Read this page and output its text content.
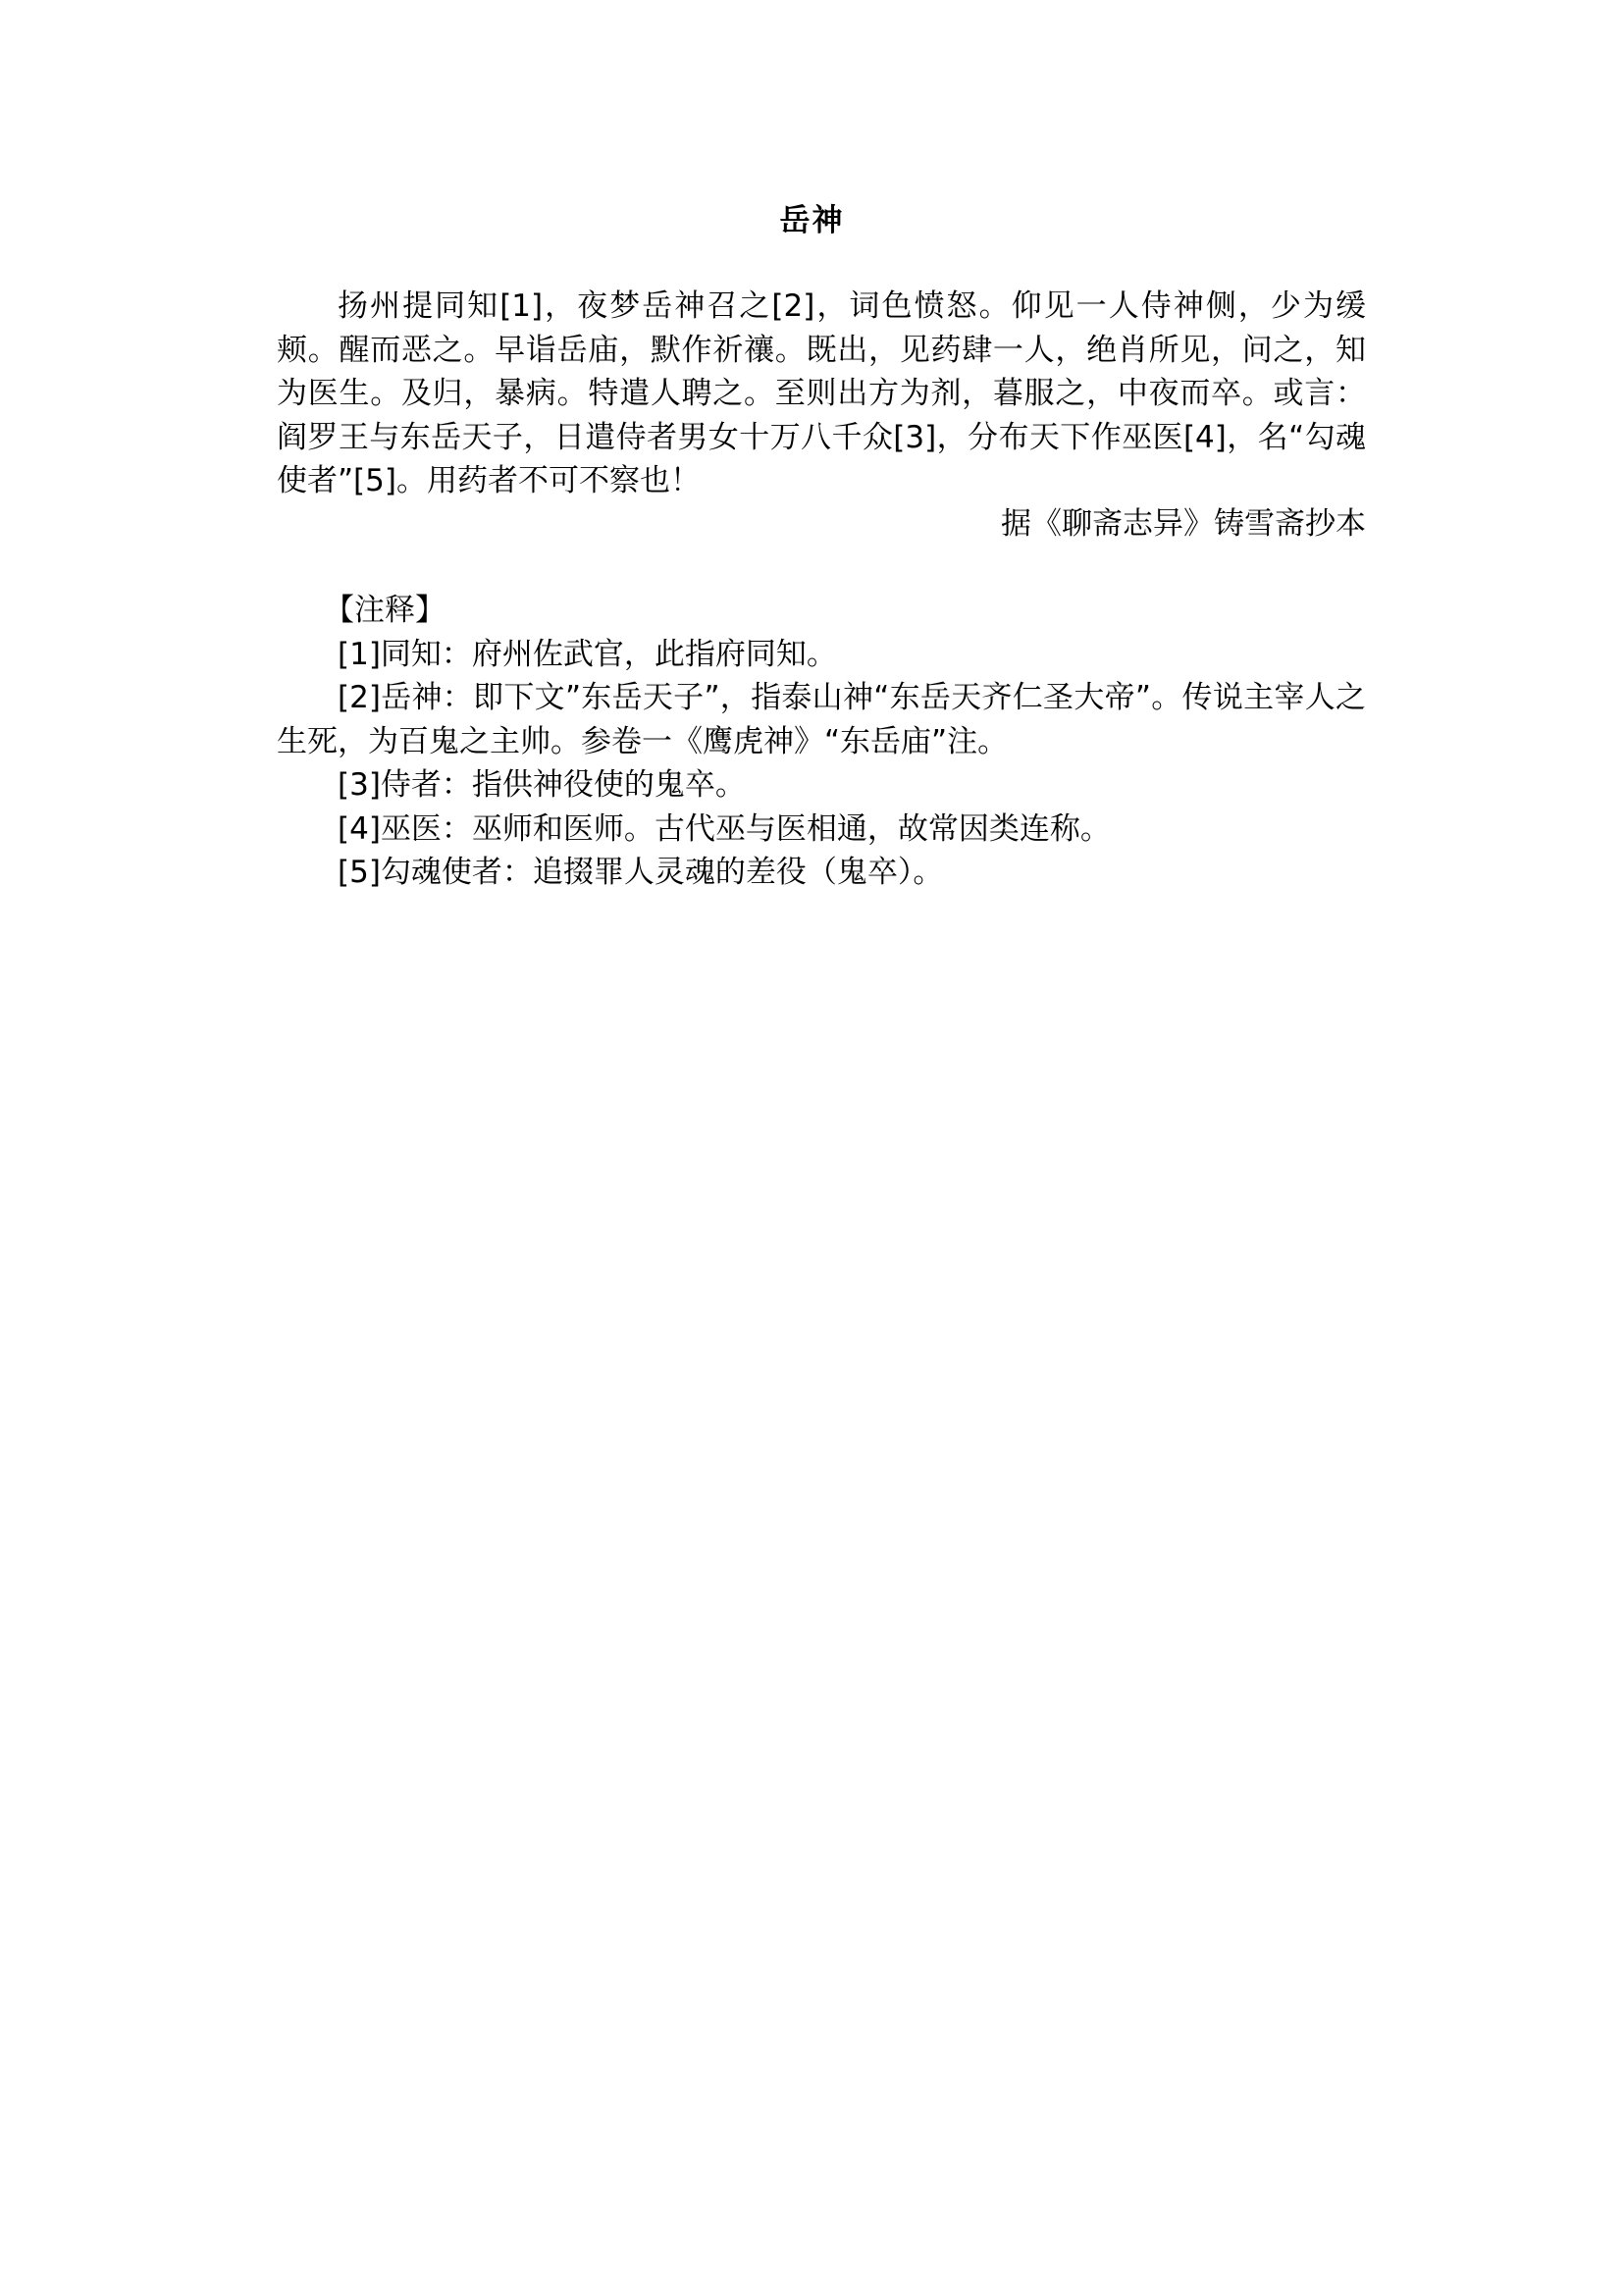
岳神

扬州提同知[1]，夜梦岳神召之[2]，词色愤怒。仰见一人侍神侧，少为缓颊。醒而恶之。早诣岳庙，默作祈禳。既出，见药肆一人，绝肖所见，问之，知为医生。及归，暴病。特遣人聘之。至则出方为剂，暮服之，中夜而卒。或言：阎罗王与东岳天子，日遣侍者男女十万八千众[3]，分布天下作巫医[4]，名“勾魂使者”[5]。用药者不可不察也！

据《聊斋志异》铸雪斋抄本

【注释】

[1]同知：府州佐武官，此指府同知。

[2]岳神：即下文”东岳天子”，指泰山神“东岳天齐仁圣大帝”。传说主宰人之生死，为百鬼之主帅。参卷一《鹰虎神》“东岳庙”注。

[3]侍者：指供神役使的鬼卒。

[4]巫医：巫师和医师。古代巫与医相通，故常因类连称。

[5]勾魂使者：追掇罪人灵魂的差役（鬼卒）。
